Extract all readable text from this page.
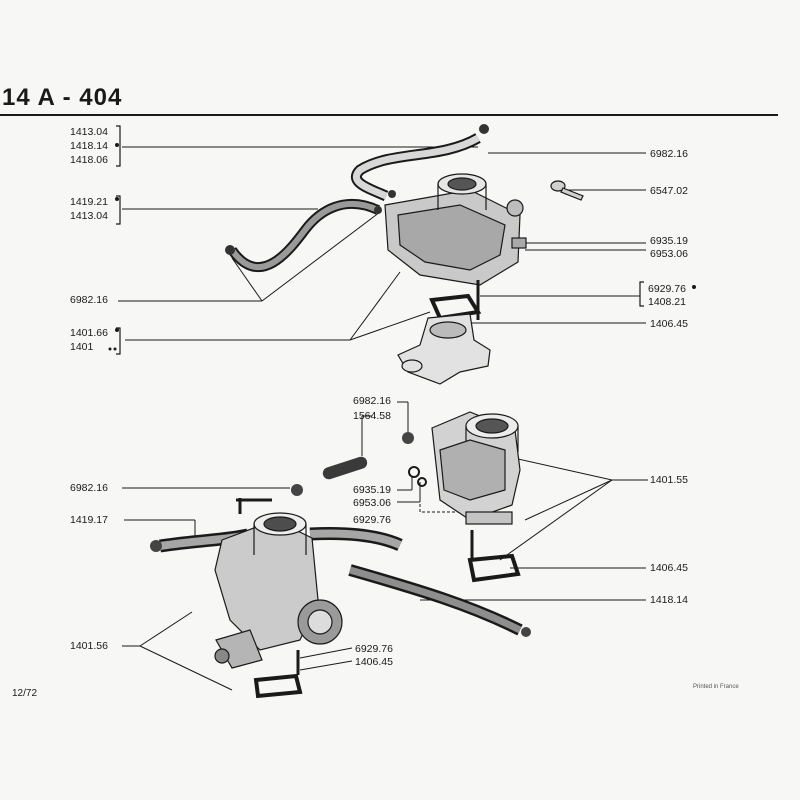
14 A - 404
1413.04
1418.14
1418.06
1419.21
1413.04
6982.16
1401.66
1401
6982.16
6547.02
6935.19
6953.06
6929.76
1408.21
1406.45
6982.16
1564.58
6982.16	6935.19
6953.06
6929.76
1419.17
1401.55
1406.45
1418.14
1401.56	6929.76
1406.45
12/72
Printed in France
